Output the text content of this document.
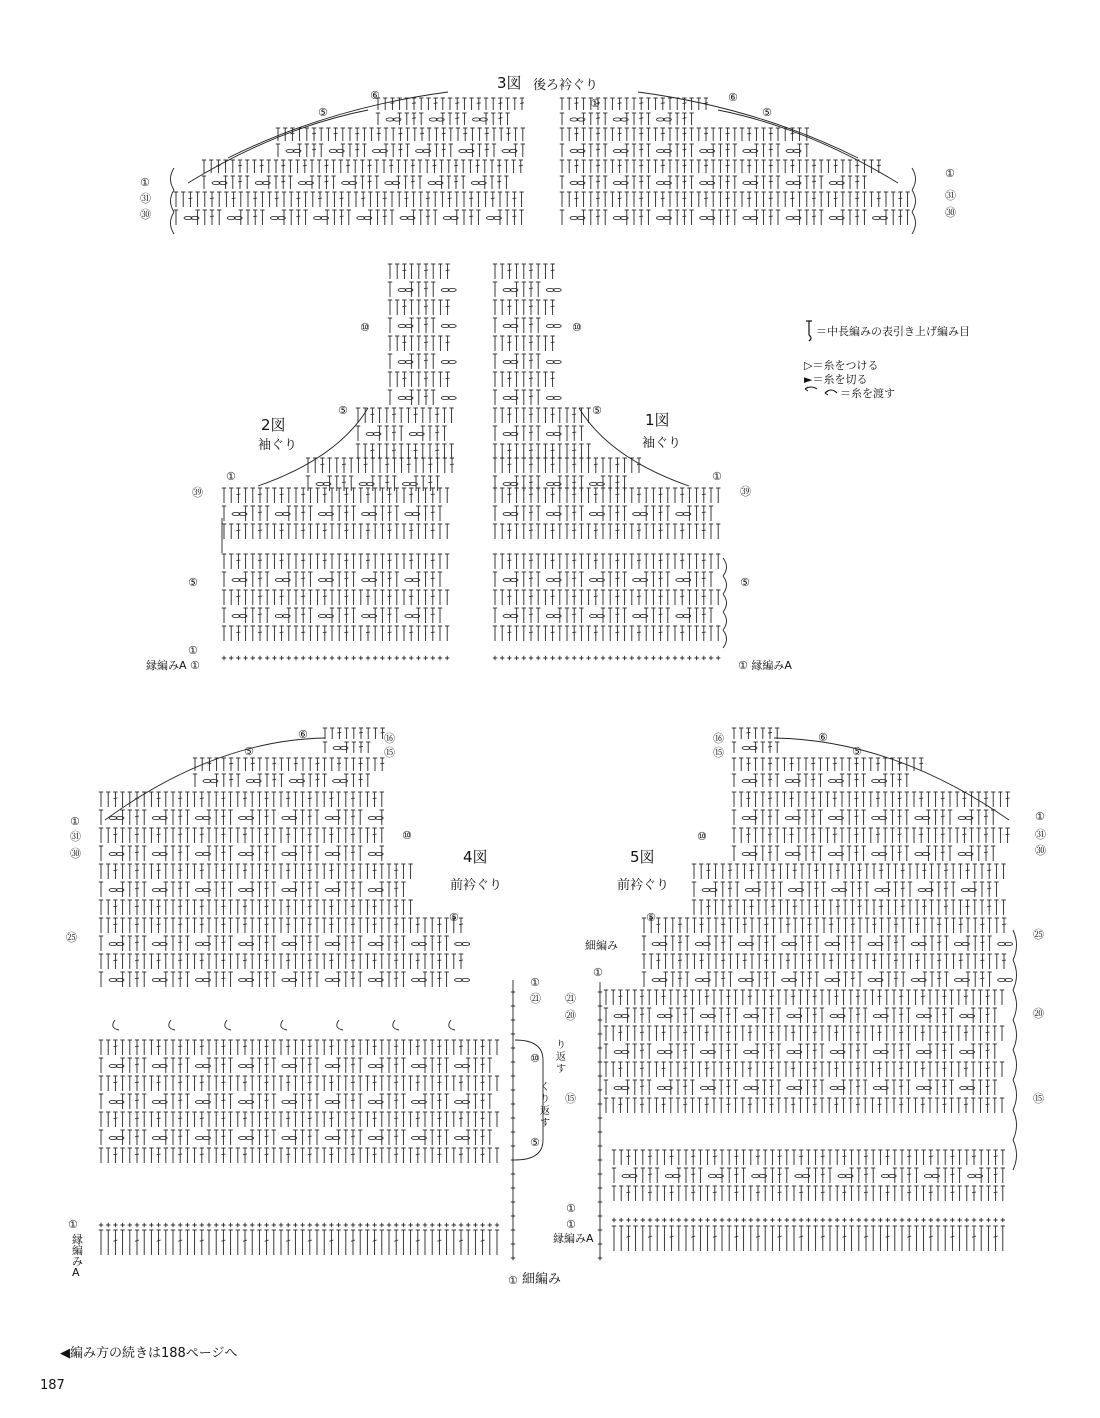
3図 後ろ衿ぐり
⑥
⑤
①
㉛
㉚
①	⑥
⑤
①
㉛
㉚
2図
袖ぐり
1図
袖ぐり
⑩
⑤
①
㊴
⑤
①
縁編みA ①
⑩
⑤
①
㊴
⑤
① 縁編みA
＝中長編みの表引き上げ編み目
▷＝糸をつける
►＝糸を切る
＝糸を渡す
4図
前衿ぐり
5図
前衿ぐり
⑥	⑯
⑮
⑤
①
㉛
㉚
⑩
⑤
㉕
①
㉑
⑩
⑤
く
り
返
す
①
縁
編
み
A
① 細編み
⑯	⑥
⑮	⑤
①
㉛
㉚
⑩
⑤
㉕
細編み
①
㉑
⑳	⑳
り
返
す
⑮	⑮
①
①
縁編みA
◀編み方の続きは188ページへ
187
